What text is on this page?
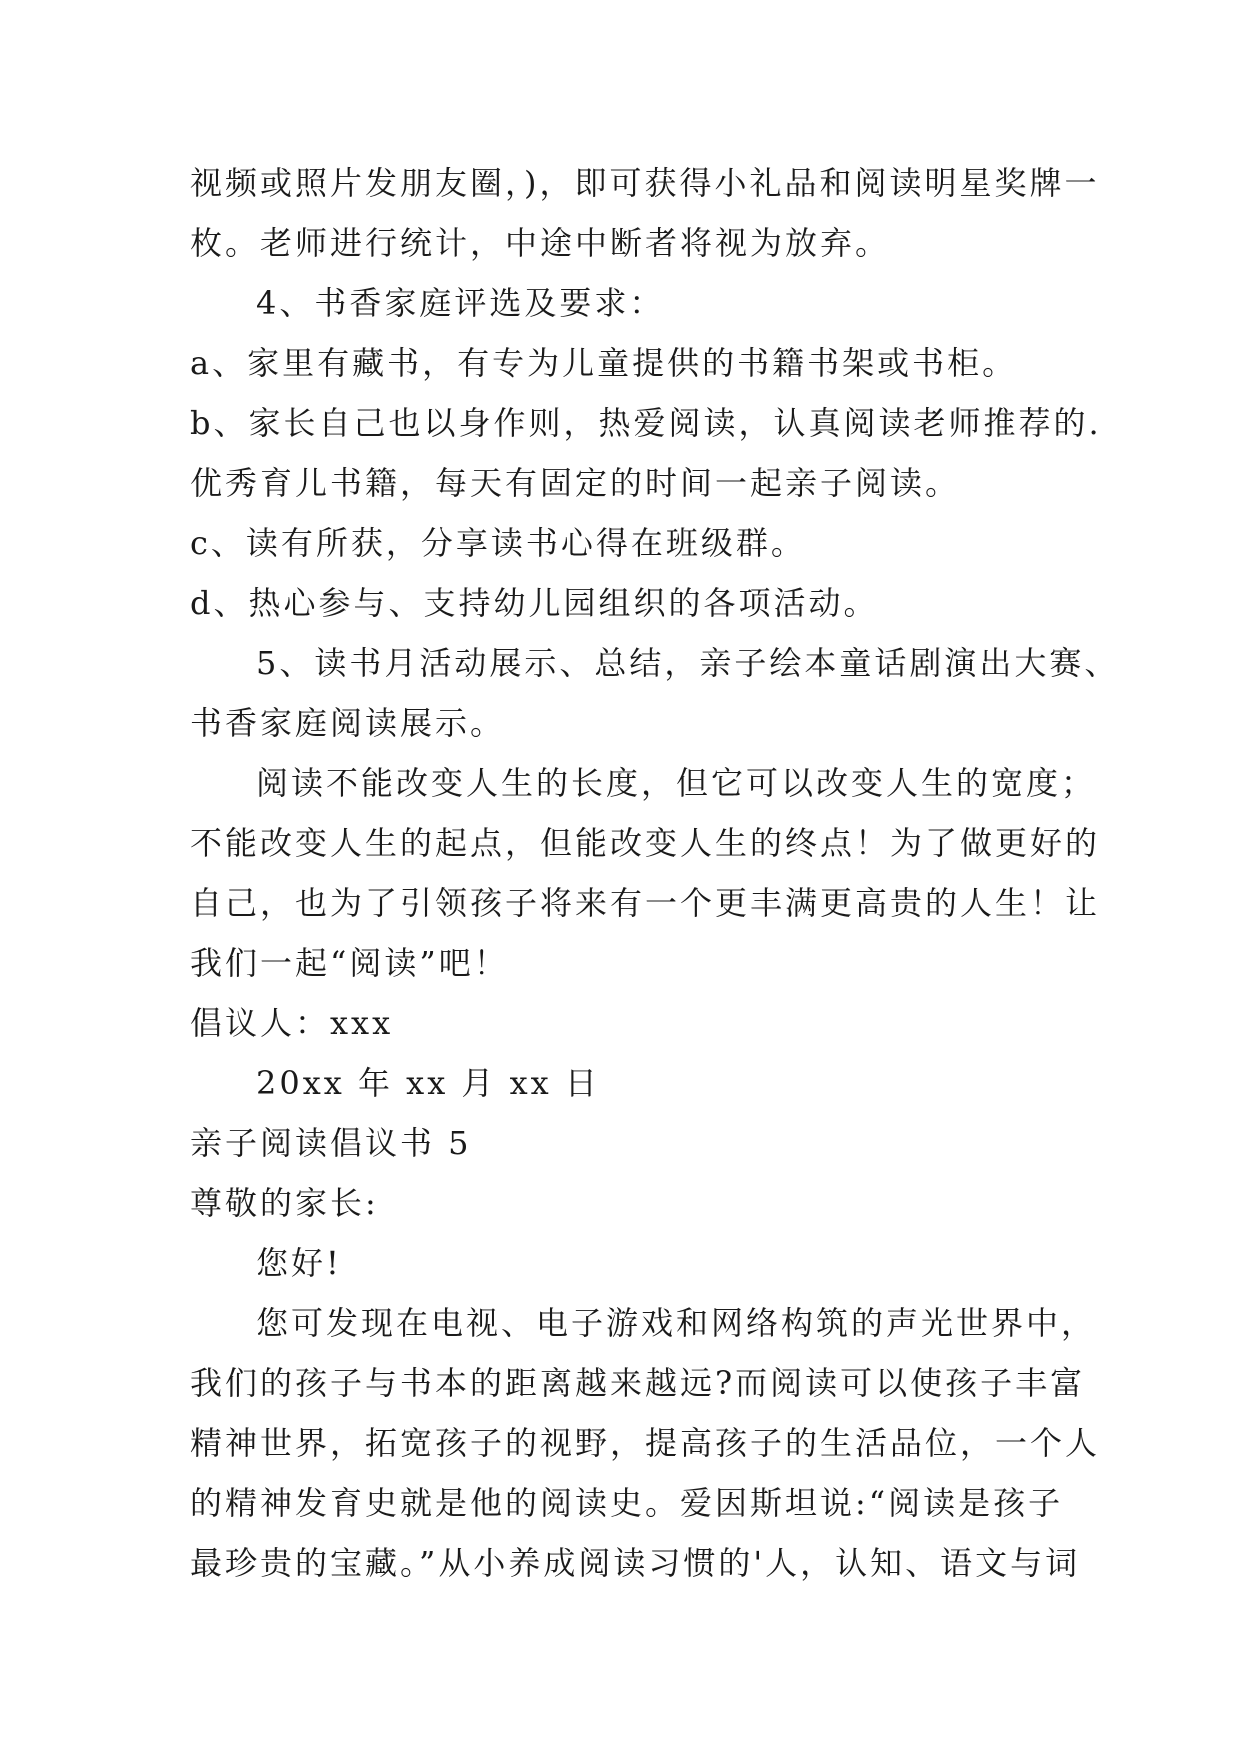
视频或照片发朋友圈，)，即可获得小礼品和阅读明星奖牌一
枚。老师进行统计，中途中断者将视为放弃。
4、书香家庭评选及要求：
a、家里有藏书，有专为儿童提供的书籍书架或书柜。
b、家长自己也以身作则，热爱阅读，认真阅读老师推荐的.
优秀育儿书籍，每天有固定的时间一起亲子阅读。
c、读有所获，分享读书心得在班级群。
d、热心参与、支持幼儿园组织的各项活动。
5、读书月活动展示、总结，亲子绘本童话剧演出大赛、
书香家庭阅读展示。
阅读不能改变人生的长度，但它可以改变人生的宽度；
不能改变人生的起点，但能改变人生的终点！为了做更好的
自己，也为了引领孩子将来有一个更丰满更高贵的人生！让
我们一起“阅读”吧！
倡议人：xxx
20xx 年 xx 月 xx 日
亲子阅读倡议书 5
尊敬的家长:
您好!
您可发现在电视、电子游戏和网络构筑的声光世界中，
我们的孩子与书本的距离越来越远?而阅读可以使孩子丰富
精神世界，拓宽孩子的视野，提高孩子的生活品位，一个人
的精神发育史就是他的阅读史。爱因斯坦说:“阅读是孩子
最珍贵的宝藏。”从小养成阅读习惯的'人，认知、语文与词
